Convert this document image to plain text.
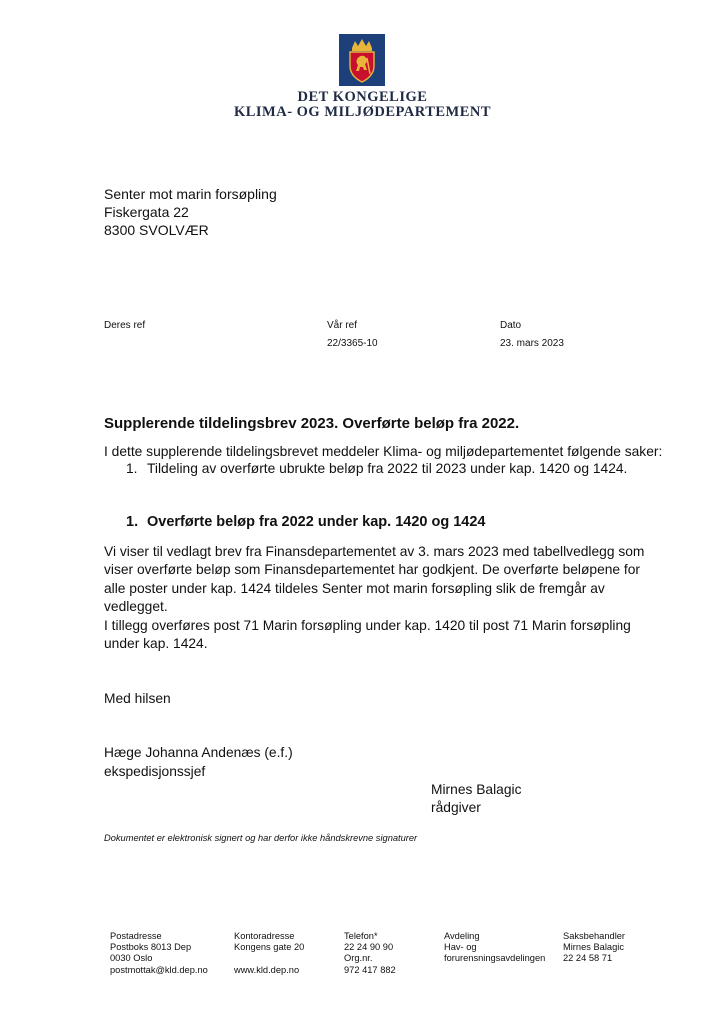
DET KONGELIGE
KLIMA- OG MILJØDEPARTEMENT
Senter mot marin forsøpling
Fiskergata 22
8300 SVOLVÆR
Deres ref	Vår ref
22/3365-10
Dato
23. mars 2023
Supplerende tildelingsbrev 2023. Overførte beløp fra 2022.
I dette supplerende tildelingsbrevet meddeler Klima- og miljødepartementet følgende saker:
1. Tildeling av overførte ubrukte beløp fra 2022 til 2023 under kap. 1420 og 1424.
1. Overførte beløp fra 2022 under kap. 1420 og 1424
Vi viser til vedlagt brev fra Finansdepartementet av 3. mars 2023 med tabellvedlegg som viser overførte beløp som Finansdepartementet har godkjent. De overførte beløpene for alle poster under kap. 1424 tildeles Senter mot marin forsøpling slik de fremgår av vedlegget.
I tillegg overføres post 71 Marin forsøpling under kap. 1420 til post 71 Marin forsøpling under kap. 1424.
Med hilsen
Hæge Johanna Andenæs (e.f.)
ekspedisjonssjef
Mirnes Balagic
rådgiver
Dokumentet er elektronisk signert og har derfor ikke håndskrevne signaturer
Postadresse
Postboks 8013 Dep
0030 Oslo
postmottak@kld.dep.no
Kontoradresse
Kongens gate 20

www.kld.dep.no
Telefon*
22 24 90 90
Org.nr.
972 417 882
Avdeling
Hav- og
forurensningsavdelingen
Saksbehandler
Mirnes Balagic
22 24 58 71
